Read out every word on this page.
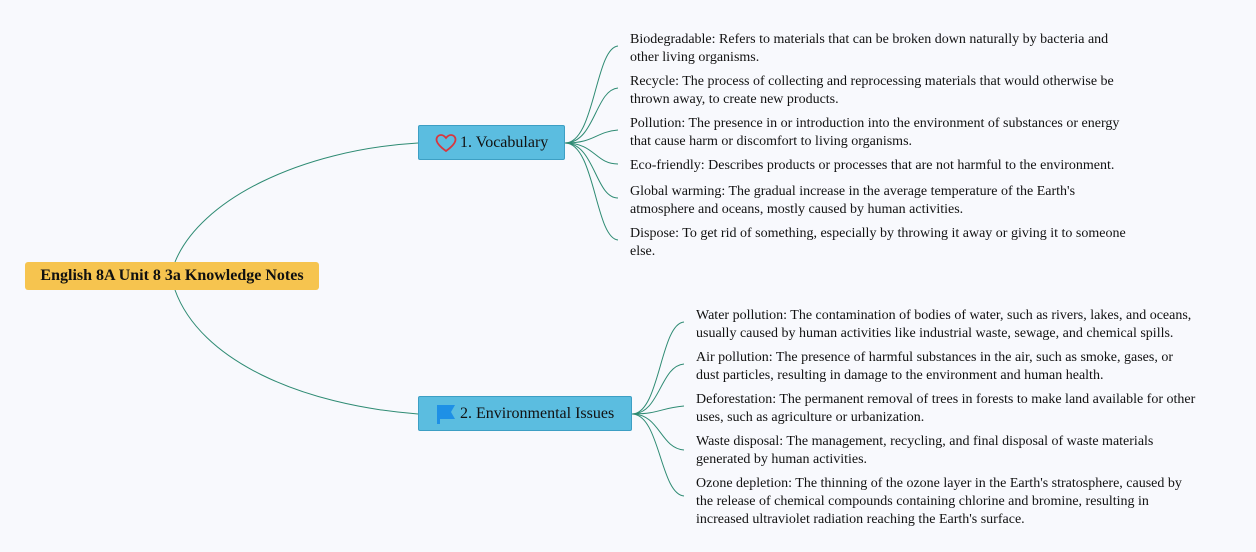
English 8A Unit 8 3a Knowledge Notes
1. Vocabulary
2. Environmental Issues
Biodegradable: Refers to materials that can be broken down naturally by bacteria and other living organisms.
Recycle: The process of collecting and reprocessing materials that would otherwise be thrown away, to create new products.
Pollution: The presence in or introduction into the environment of substances or energy that cause harm or discomfort to living organisms.
Eco-friendly: Describes products or processes that are not harmful to the environment.
Global warming: The gradual increase in the average temperature of the Earth's atmosphere and oceans, mostly caused by human activities.
Dispose: To get rid of something, especially by throwing it away or giving it to someone else.
Water pollution: The contamination of bodies of water, such as rivers, lakes, and oceans, usually caused by human activities like industrial waste, sewage, and chemical spills.
Air pollution: The presence of harmful substances in the air, such as smoke, gases, or dust particles, resulting in damage to the environment and human health.
Deforestation: The permanent removal of trees in forests to make land available for other uses, such as agriculture or urbanization.
Waste disposal: The management, recycling, and final disposal of waste materials generated by human activities.
Ozone depletion: The thinning of the ozone layer in the Earth's stratosphere, caused by the release of chemical compounds containing chlorine and bromine, resulting in increased ultraviolet radiation reaching the Earth's surface.
